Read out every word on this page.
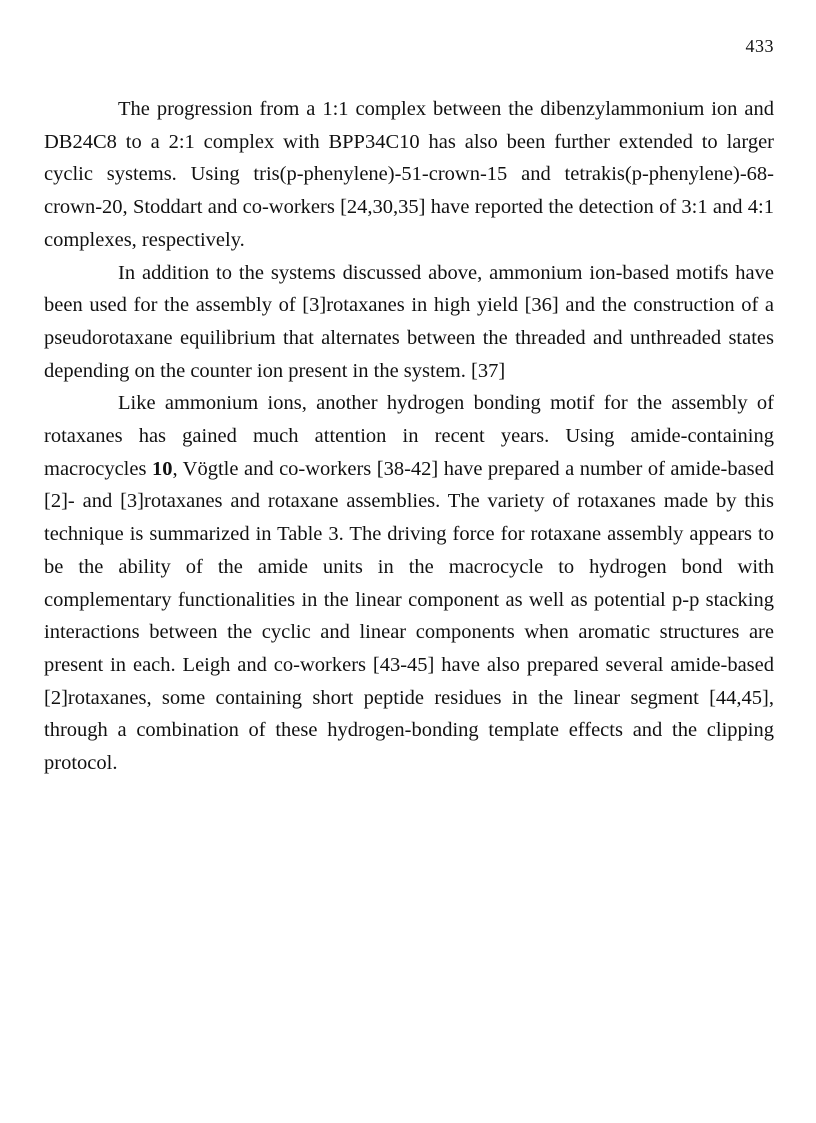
433

The progression from a 1:1 complex between the dibenzylammonium ion and DB24C8 to a 2:1 complex with BPP34C10 has also been further extended to larger cyclic systems. Using tris(p-phenylene)-51-crown-15 and tetrakis(p-phenylene)-68-crown-20, Stoddart and co-workers [24,30,35] have reported the detection of 3:1 and 4:1 complexes, respectively.

In addition to the systems discussed above, ammonium ion-based motifs have been used for the assembly of [3]rotaxanes in high yield [36] and the construction of a pseudorotaxane equilibrium that alternates between the threaded and unthreaded states depending on the counter ion present in the system. [37]

Like ammonium ions, another hydrogen bonding motif for the assembly of rotaxanes has gained much attention in recent years. Using amide-containing macrocycles 10, Vögtle and co-workers [38-42] have prepared a number of amide-based [2]- and [3]rotaxanes and rotaxane assemblies. The variety of rotaxanes made by this technique is summarized in Table 3. The driving force for rotaxane assembly appears to be the ability of the amide units in the macrocycle to hydrogen bond with complementary functionalities in the linear component as well as potential p-p stacking interactions between the cyclic and linear components when aromatic structures are present in each. Leigh and co-workers [43-45] have also prepared several amide-based [2]rotaxanes, some containing short peptide residues in the linear segment [44,45], through a combination of these hydrogen-bonding template effects and the clipping protocol.
